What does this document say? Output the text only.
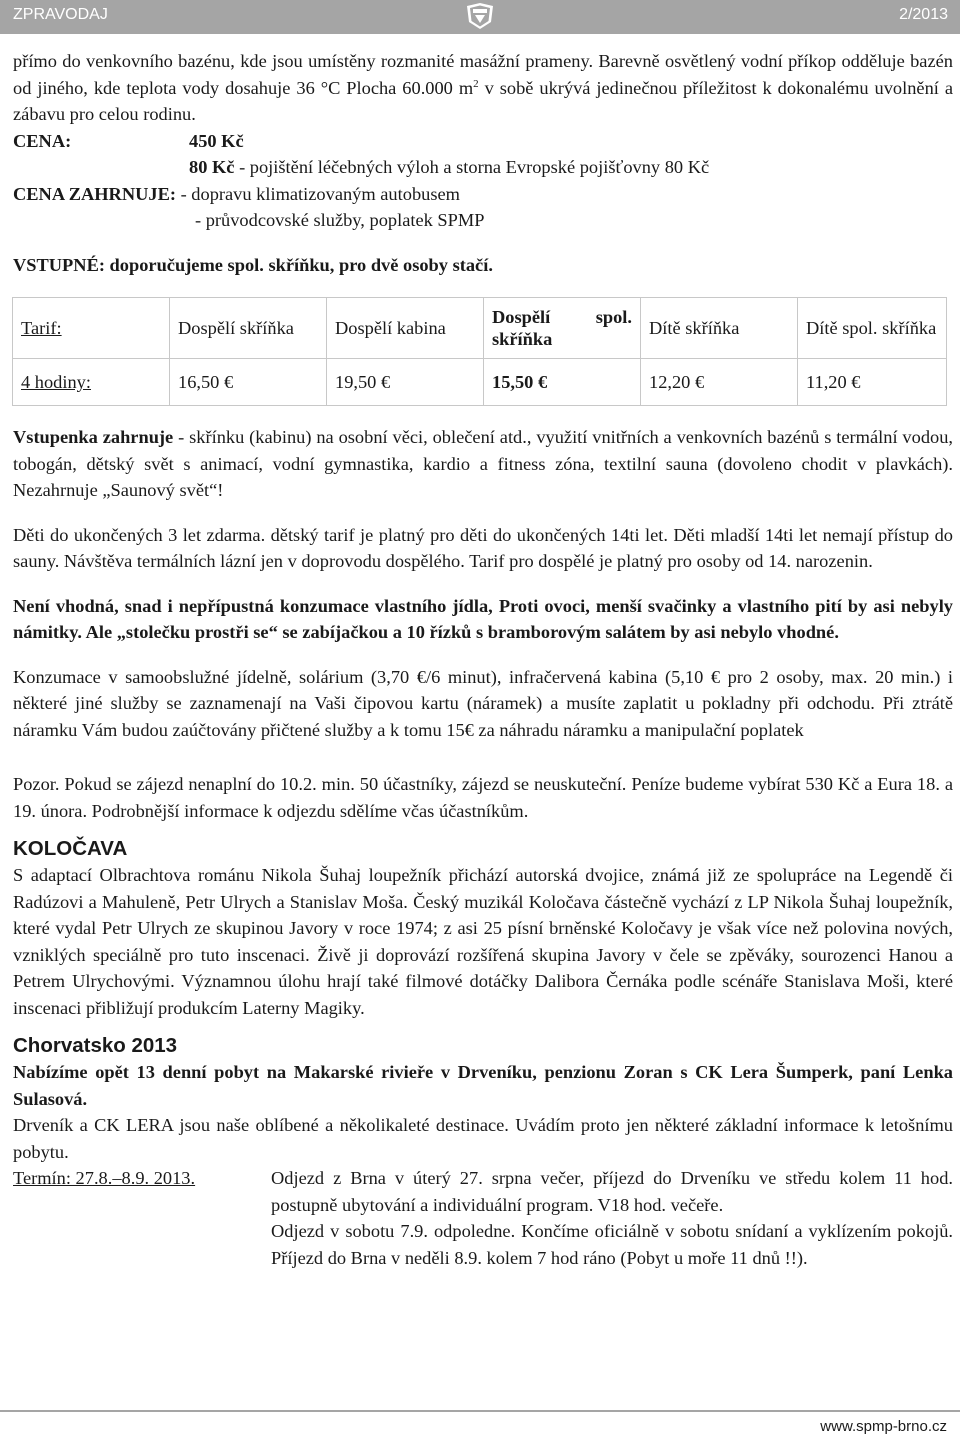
ZPRAVODAJ	2/2013

přímo do venkovního bazénu, kde jsou umístěny rozmanité masážní prameny. Barevně osvětlený vodní příkop odděluje bazén od jiného, kde teplota vody dosahuje 36 °C Plocha 60.000 $m^2$ v sobě ukrývá jedinečnou příležitost k dokonalému uvolnění a zábavu pro celou rodinu.

CENA:	450 Kč
80 Kč - pojištění léčebných výloh a storna Evropské pojišťovny 80 Kč
CENA ZAHRNUJE: - dopravu klimatizovaným autobusem
- průvodcovské služby, poplatek SPMP
VSTUPNÉ: doporučujeme spol. skříňku, pro dvě osoby stačí.
Tarif:	Dospělí skříňka	Dospělí kabina	Dospělí spol. skříňka	Dítě skříňka	Dítě spol. skříňka
4 hodiny:	16,50 €	19,50 €	15,50 €	12,20 €	11,20 €

Vstupenka zahrnuje - skřínku (kabinu) na osobní věci, oblečení atd., využití vnitřních a venkovních bazénů s termální vodou, tobogán, dětský svět s animací, vodní gymnastika, kardio a fitness zóna, textilní sauna (dovoleno chodit v plavkách). Nezahrnuje „Saunový svět“!

Děti do ukončených 3 let zdarma. dětský tarif je platný pro děti do ukončených 14ti let. Děti mladší 14ti let nemají přístup do sauny. Návštěva termálních lázní jen v doprovodu dospělého. Tarif pro dospělé je platný pro osoby od 14. narozenin.

Není vhodná, snad i nepřípustná konzumace vlastního jídla, Proti ovoci, menší svačinky a vlastního pití by asi nebyly námitky. Ale „stolečku prostři se“ se zabíjačkou a 10 řízků s bramborovým salátem by asi nebylo vhodné.

Konzumace v samoobslužné jídelně, solárium (3,70 €/6 minut), infračervená kabina (5,10 € pro 2 osoby, max. 20 min.) i některé jiné služby se zaznamenají na Vaši čipovou kartu (náramek) a musíte zaplatit u pokladny při odchodu. Při ztrátě náramku Vám budou zaúčtovány přičtené služby a k tomu 15€ za náhradu náramku a manipulační poplatek

Pozor. Pokud se zájezd nenaplní do 10.2. min. 50 účastníky, zájezd se neuskuteční. Peníze budeme vybírat 530 Kč a Eura 18. a 19. února. Podrobnější informace k odjezdu sdělíme včas účastníkům.

KOLOČAVA

S adaptací Olbrachtova románu Nikola Šuhaj loupežník přichází autorská dvojice, známá již ze spolupráce na Legendě či Radúzovi a Mahuleně, Petr Ulrych a Stanislav Moša. Český muzikál Koločava částečně vychází z LP Nikola Šuhaj loupežník, které vydal Petr Ulrych ze skupinou Javory v roce 1974; z asi 25 písní brněnské Koločavy je však více než polovina nových, vzniklých speciálně pro tuto inscenaci. Živě ji doprovází rozšířená skupina Javory v čele se zpěváky, sourozenci Hanou a Petrem Ulrychovými. Významnou úlohu hrají také filmové dotáčky Dalibora Černáka podle scénáře Stanislava Moši, které inscenaci přibližují produkcím Laterny Magiky.

Chorvatsko 2013

Nabízíme opět 13 denní pobyt na Makarské rivieře v Drveníku, penzionu Zoran s CK Lera Šumperk, paní Lenka Sulasová.

Drveník a CK LERA jsou naše oblíbené a několikaleté destinace. Uvádím proto jen některé základní informace k letošnímu pobytu.

Termín: 27.8.–8.9. 2013.	Odjezd z Brna v úterý 27. srpna večer, příjezd do Drveníku ve středu kolem 11 hod. postupně ubytování a individuální program. V18 hod. večeře.

Odjezd v sobotu 7.9. odpoledne. Končíme oficiálně v sobotu snídaní a vyklízením pokojů. Příjezd do Brna v neděli 8.9. kolem 7 hod ráno (Pobyt u moře 11 dnů !!).

www.spmp-brno.cz
